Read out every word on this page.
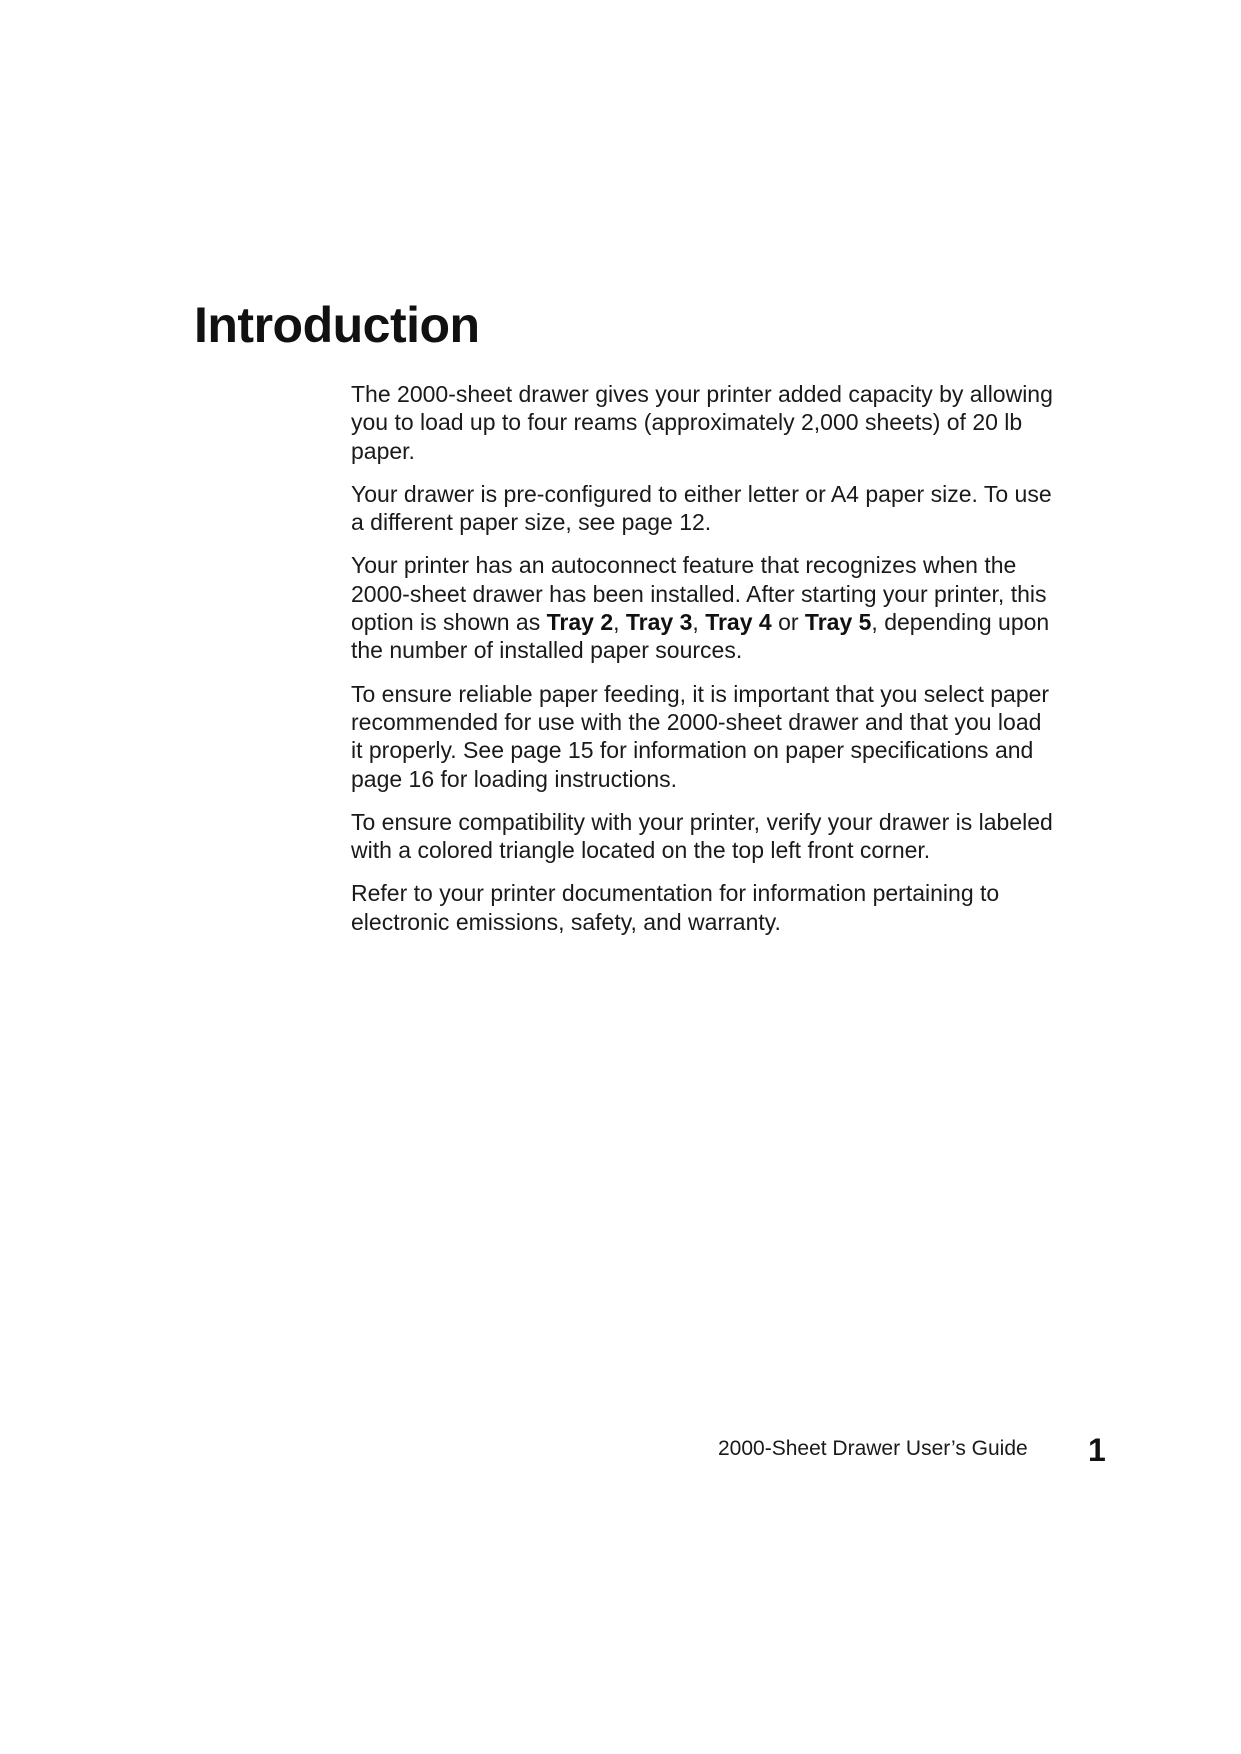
Introduction

The 2000-sheet drawer gives your printer added capacity by allowing you to load up to four reams (approximately 2,000 sheets) of 20 lb paper.

Your drawer is pre-configured to either letter or A4 paper size. To use a different paper size, see page 12.

Your printer has an autoconnect feature that recognizes when the 2000-sheet drawer has been installed. After starting your printer, this option is shown as Tray 2, Tray 3, Tray 4 or Tray 5, depending upon the number of installed paper sources.

To ensure reliable paper feeding, it is important that you select paper recommended for use with the 2000-sheet drawer and that you load it properly. See page 15 for information on paper specifications and page 16 for loading instructions.

To ensure compatibility with your printer, verify your drawer is labeled with a colored triangle located on the top left front corner.

Refer to your printer documentation for information pertaining to electronic emissions, safety, and warranty.

2000-Sheet Drawer User’s Guide 1
